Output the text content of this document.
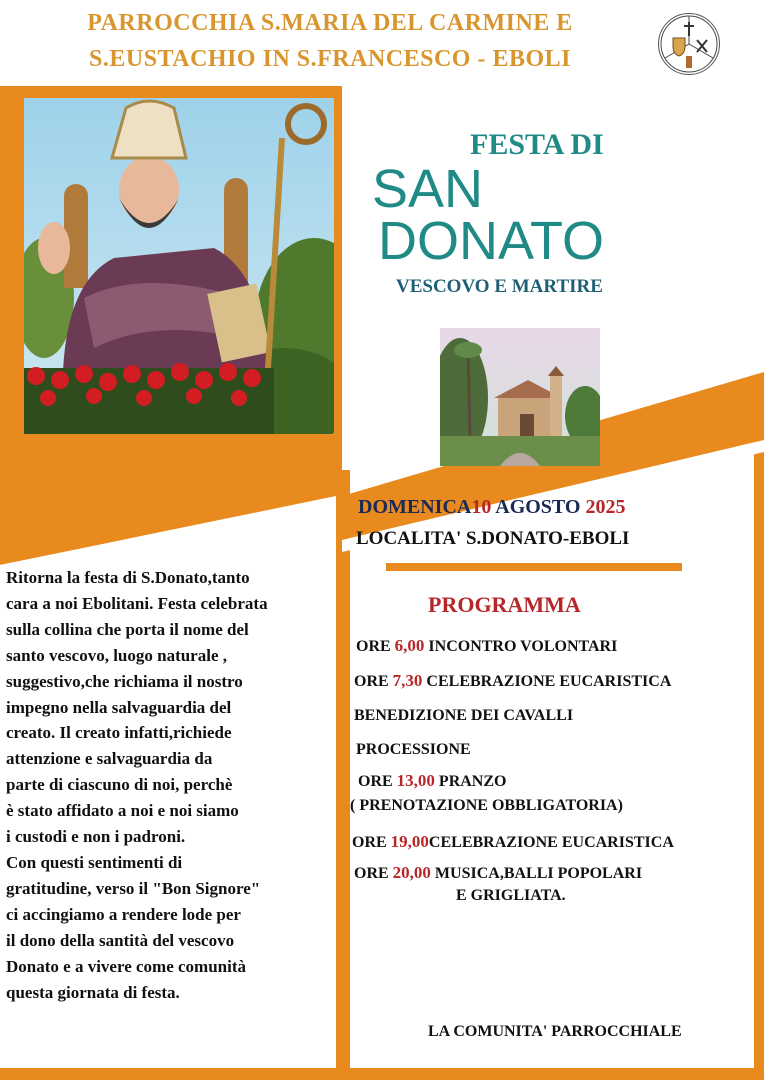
PARROCCHIA S.MARIA DEL CARMINE E
S.EUSTACHIO IN S.FRANCESCO - EBOLI
FESTA DI
SAN
DONATO
VESCOVO E MARTIRE
DOMENICA10 AGOSTO 2025
LOCALITA' S.DONATO-EBOLI
PROGRAMMA
ORE 6,00 INCONTRO VOLONTARI
ORE 7,30 CELEBRAZIONE EUCARISTICA
BENEDIZIONE DEI CAVALLI
PROCESSIONE
ORE 13,00 PRANZO
( PRENOTAZIONE OBBLIGATORIA)
ORE 19,00CELEBRAZIONE EUCARISTICA
ORE 20,00 MUSICA,BALLI POPOLARI
E GRIGLIATA.
Ritorna la festa di S.Donato,tanto
cara a noi Ebolitani. Festa celebrata
sulla collina che porta il nome del
santo vescovo, luogo naturale ,
suggestivo,che richiama il nostro
impegno nella salvaguardia del
creato. Il creato infatti,richiede
attenzione e salvaguardia da
parte di ciascuno di noi, perchè
è stato affidato a noi e noi siamo
i custodi e non i padroni.
Con questi sentimenti di
gratitudine, verso il "Bon Signore"
ci accingiamo a rendere lode per
il dono della santità del vescovo
Donato e a vivere come comunità
questa giornata di festa.
LA COMUNITA' PARROCCHIALE
